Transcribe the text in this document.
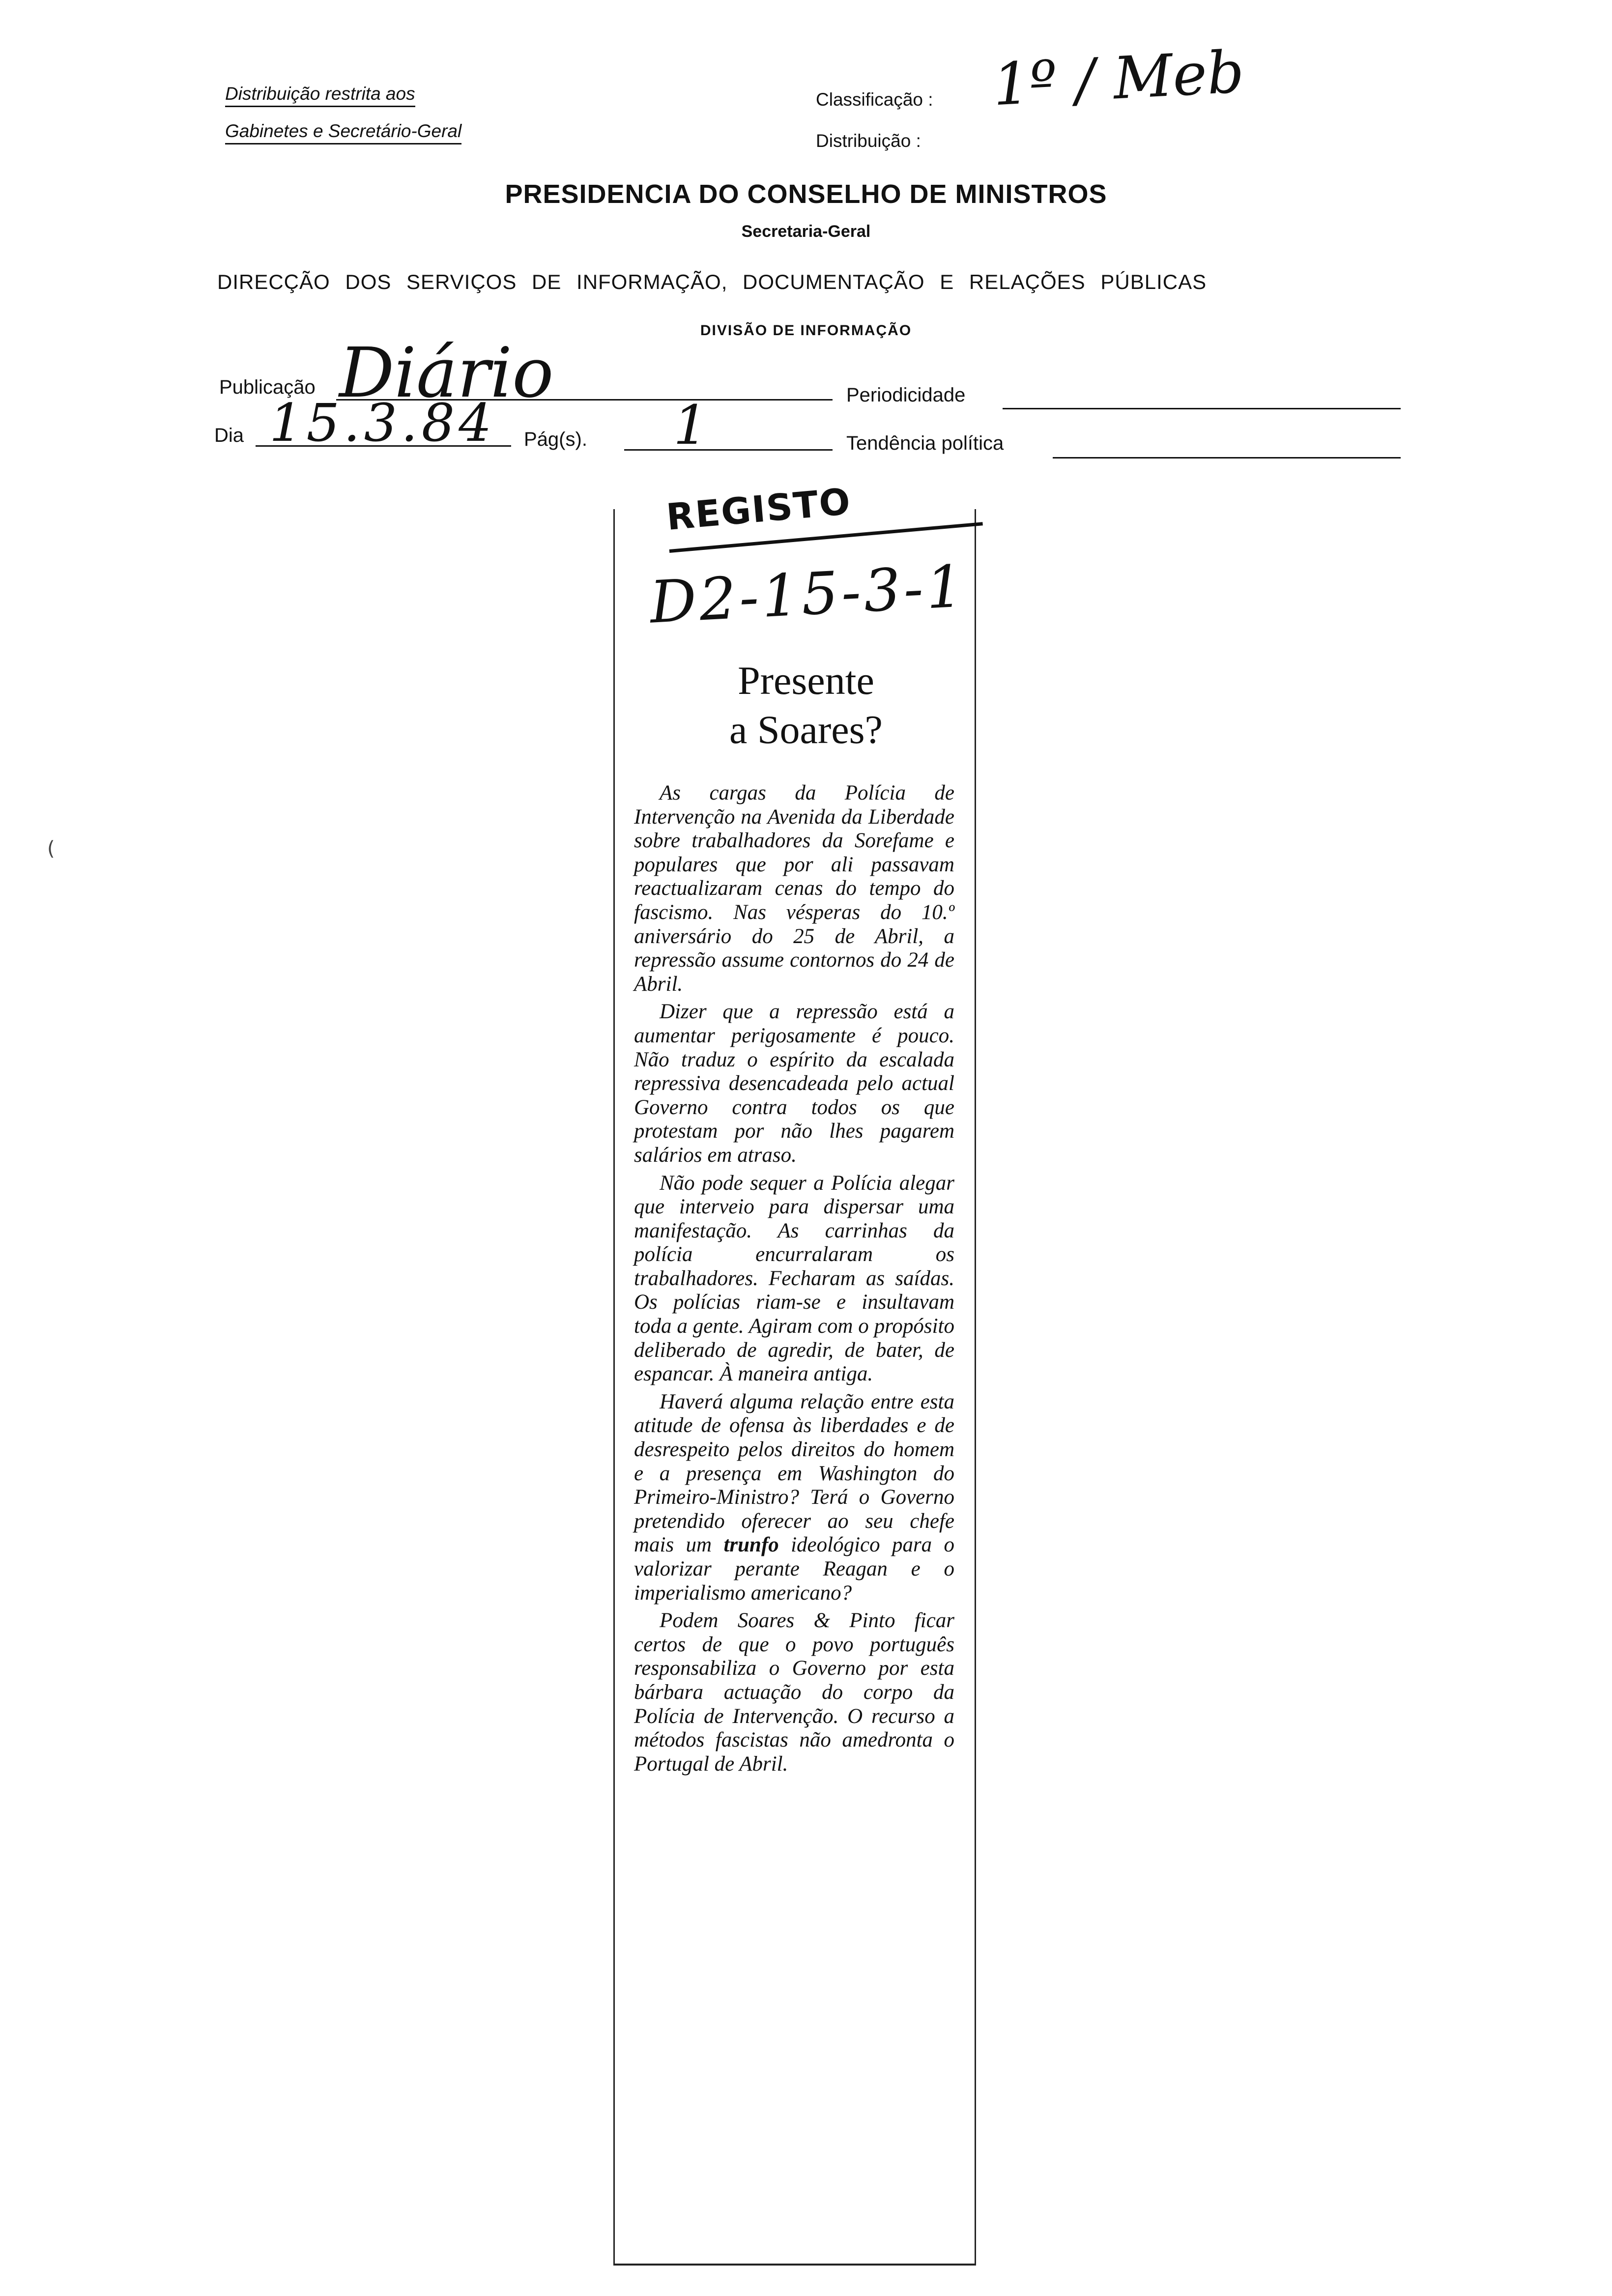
Distribuição restrita aos
Gabinetes e Secretário-Geral
Classificação : 1º / Meb
Distribuição :
PRESIDENCIA DO CONSELHO DE MINISTROS
Secretaria-Geral
DIRECÇÃO DOS SERVIÇOS DE INFORMAÇÃO, DOCUMENTAÇÃO E RELAÇÕES PÚBLICAS
DIVISÃO DE INFORMAÇÃO
Publicação Diário	Periodicidade
Dia 15.3.84 Pág(s). 1	Tendência política
REGISTO
D2-15-3-1
Presente
a Soares?

As cargas da Polícia de Intervenção na Avenida da Liberdade sobre trabalhadores da Sorefame e populares que por ali passavam reactualizaram cenas do tempo do fascismo. Nas vésperas do 10.º aniversário do 25 de Abril, a repressão assume contornos do 24 de Abril.

Dizer que a repressão está a aumentar perigosamente é pouco. Não traduz o espírito da escalada repressiva desencadeada pelo actual Governo contra todos os que protestam por não lhes pagarem salários em atraso.

Não pode sequer a Polícia alegar que interveio para dispersar uma manifestação. As carrinhas da polícia encurralaram os trabalhadores. Fecharam as saídas. Os polícias riam-se e insultavam toda a gente. Agiram com o propósito deliberado de agredir, de bater, de espancar. À maneira antiga.

Haverá alguma relação entre esta atitude de ofensa às liberdades e de desrespeito pelos direitos do homem e a presença em Washington do Primeiro-Ministro? Terá o Governo pretendido oferecer ao seu chefe mais um trunfo ideológico para o valorizar perante Reagan e o imperialismo americano?

Podem Soares & Pinto ficar certos de que o povo português responsabiliza o Governo por esta bárbara actuação do corpo da Polícia de Intervenção. O recurso a métodos fascistas não amedronta o Portugal de Abril.

(
